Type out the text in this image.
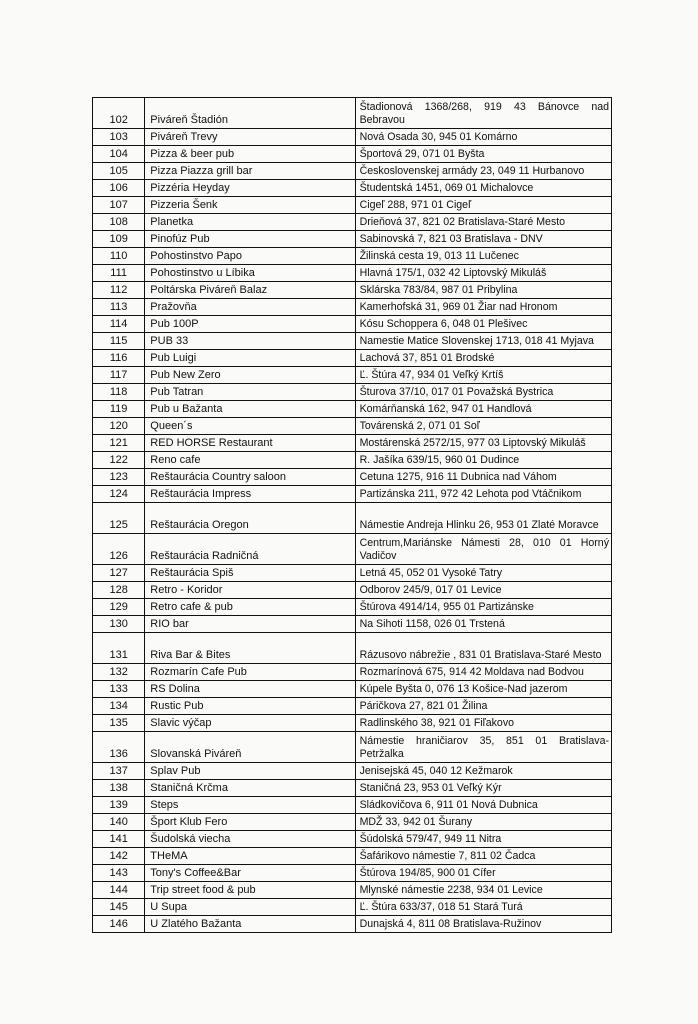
102	Piváreň Štadión	Štadionová 1368/268, 919 43 Bánovce nad Bebravou
103	Piváreň Trevy	Nová Osada 30, 945 01 Komárno
104	Pizza & beer pub	Športová 29, 071 01 Byšta
105	Pizza Piazza grill bar	Československej armády 23, 049 11 Hurbanovo
106	Pizzéria Heyday	Študentská 1451, 069 01 Michalovce
107	Pizzeria Šenk	Cigeľ 288, 971 01 Cigeľ
108	Planetka	Drieňová 37, 821 02 Bratislava-Staré Mesto
109	Pinofúz Pub	Sabinovská 7, 821 03 Bratislava - DNV
110	Pohostinstvo Papo	Žilinská cesta 19, 013 11 Lučenec
111	Pohostinstvo u Líbika	Hlavná 175/1, 032 42 Liptovský Mikuláš
112	Poltárska Piváreň Balaz	Sklárska 783/84, 987 01 Pribylina
113	Pražovňa	Kamerhofská 31, 969 01 Žiar nad Hronom
114	Pub 100P	Kósu Schoppera 6, 048 01 Plešivec
115	PUB 33	Namestie Matice Slovenskej 1713, 018 41 Myjava
116	Pub Luigi	Lachová 37, 851 01 Brodské
117	Pub New Zero	Ľ. Štúra 47, 934 01 Veľký Krtíš
118	Pub Tatran	Šturova 37/10, 017 01 Považská Bystrica
119	Pub u Bažanta	Komárňanská 162, 947 01 Handlová
120	Queen´s	Továrenská 2, 071 01 Soľ
121	RED HORSE Restaurant	Mostárenská 2572/15, 977 03 Liptovský Mikuláš
122	Reno cafe	R. Jašíka 639/15, 960 01 Dudince
123	Reštaurácia Country saloon	Cetuna 1275, 916 11 Dubnica nad Váhom
124	Reštaurácia Impress	Partizánska 211, 972 42 Lehota pod Vtáčnikom
125	Reštaurácia Oregon	Námestie Andreja Hlinku 26, 953 01 Zlaté Moravce
126	Reštaurácia Radničná	Centrum,Mariánske Námesti 28, 010 01 Horný Vadičov
127	Reštaurácia Spiš	Letná 45, 052 01 Vysoké Tatry
128	Retro - Koridor	Odborov 245/9, 017 01 Levice
129	Retro cafe & pub	Štúrova 4914/14, 955 01 Partizánske
130	RIO bar	Na Sihoti 1158, 026 01 Trstená
131	Riva Bar & Bites	Rázusovo nábrežie , 831 01 Bratislava-Staré Mesto
132	Rozmarín Cafe Pub	Rozmarínová 675, 914 42 Moldava nad Bodvou
133	RS Dolina	Kúpele Byšta 0, 076 13 Košice-Nad jazerom
134	Rustic Pub	Páričkova 27, 821 01 Žilina
135	Slavic výčap	Radlinského 38, 921 01 Fiľakovo
136	Slovanská Piváreň	Námestie hraničiarov 35, 851 01 Bratislava-Petržalka
137	Splav Pub	Jenisejská 45, 040 12 Kežmarok
138	Staničná Krčma	Staničná 23, 953 01 Veľký Kýr
139	Steps	Sládkovičova 6, 911 01 Nová Dubnica
140	Šport Klub Fero	MDŽ 33, 942 01 Šurany
141	Šudolská viecha	Šúdolská 579/47, 949 11 Nitra
142	THeMA	Šafárikovo námestie 7, 811 02 Čadca
143	Tony's Coffee&Bar	Štúrova 194/85, 900 01 Cífer
144	Trip street food & pub	Mlynské námestie 2238, 934 01 Levice
145	U Supa	Ľ. Štúra 633/37, 018 51 Stará Turá
146	U Zlatého Bažanta	Dunajská 4, 811 08 Bratislava-Ružinov
